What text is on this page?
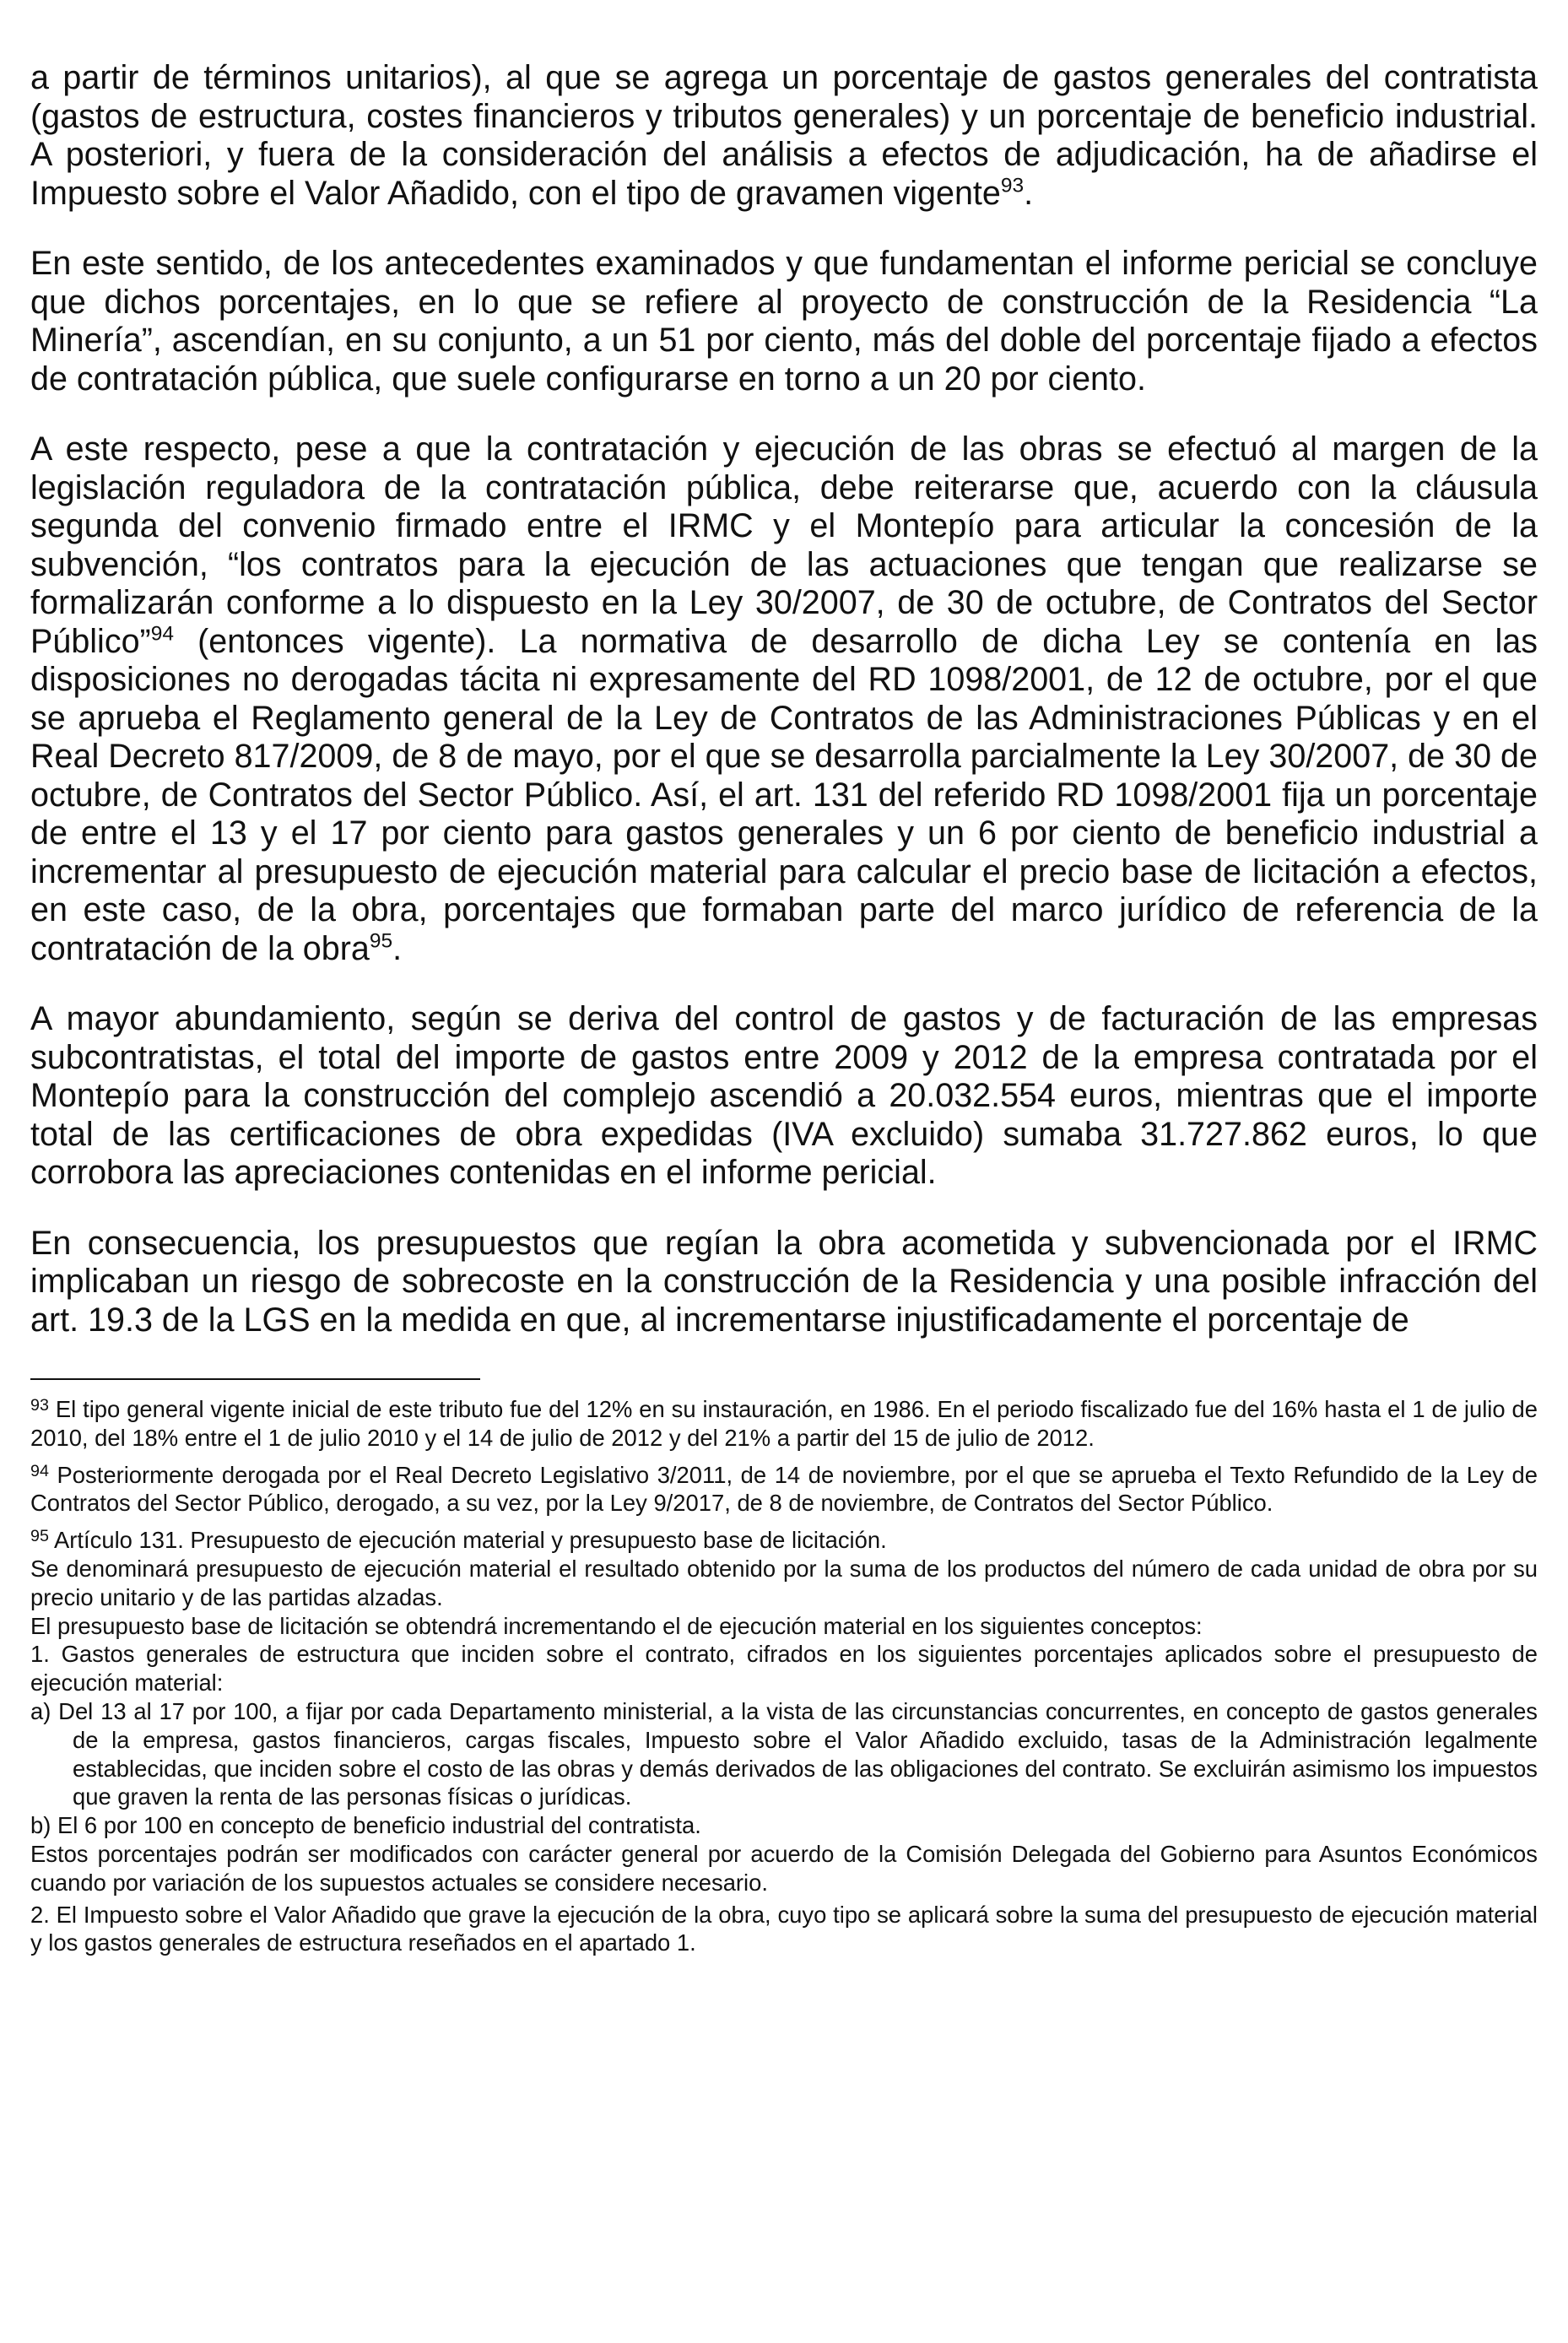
a partir de términos unitarios), al que se agrega un porcentaje de gastos generales del contratista (gastos de estructura, costes financieros y tributos generales) y un porcentaje de beneficio industrial. A posteriori, y fuera de la consideración del análisis a efectos de adjudicación, ha de añadirse el Impuesto sobre el Valor Añadido, con el tipo de gravamen vigente$^{93}$.

En este sentido, de los antecedentes examinados y que fundamentan el informe pericial se concluye que dichos porcentajes, en lo que se refiere al proyecto de construcción de la Residencia “La Minería”, ascendían, en su conjunto, a un 51 por ciento, más del doble del porcentaje fijado a efectos de contratación pública, que suele configurarse en torno a un 20 por ciento.

A este respecto, pese a que la contratación y ejecución de las obras se efectuó al margen de la legislación reguladora de la contratación pública, debe reiterarse que, acuerdo con la cláusula segunda del convenio firmado entre el IRMC y el Montepío para articular la concesión de la subvención, “los contratos para la ejecución de las actuaciones que tengan que realizarse se formalizarán conforme a lo dispuesto en la Ley 30/2007, de 30 de octubre, de Contratos del Sector Público”$^{94}$ (entonces vigente). La normativa de desarrollo de dicha Ley se contenía en las disposiciones no derogadas tácita ni expresamente del RD 1098/2001, de 12 de octubre, por el que se aprueba el Reglamento general de la Ley de Contratos de las Administraciones Públicas y en el Real Decreto 817/2009, de 8 de mayo, por el que se desarrolla parcialmente la Ley 30/2007, de 30 de octubre, de Contratos del Sector Público. Así, el art. 131 del referido RD 1098/2001 fija un porcentaje de entre el 13 y el 17 por ciento para gastos generales y un 6 por ciento de beneficio industrial a incrementar al presupuesto de ejecución material para calcular el precio base de licitación a efectos, en este caso, de la obra, porcentajes que formaban parte del marco jurídico de referencia de la contratación de la obra$^{95}$.

A mayor abundamiento, según se deriva del control de gastos y de facturación de las empresas subcontratistas, el total del importe de gastos entre 2009 y 2012 de la empresa contratada por el Montepío para la construcción del complejo ascendió a 20.032.554 euros, mientras que el importe total de las certificaciones de obra expedidas (IVA excluido) sumaba 31.727.862 euros, lo que corrobora las apreciaciones contenidas en el informe pericial.

En consecuencia, los presupuestos que regían la obra acometida y subvencionada por el IRMC implicaban un riesgo de sobrecoste en la construcción de la Residencia y una posible infracción del art. 19.3 de la LGS en la medida en que, al incrementarse injustificadamente el porcentaje de

$^{93}$ El tipo general vigente inicial de este tributo fue del 12% en su instauración, en 1986. En el periodo fiscalizado fue del 16% hasta el 1 de julio de 2010, del 18% entre el 1 de julio 2010 y el 14 de julio de 2012 y del 21% a partir del 15 de julio de 2012.

$^{94}$ Posteriormente derogada por el Real Decreto Legislativo 3/2011, de 14 de noviembre, por el que se aprueba el Texto Refundido de la Ley de Contratos del Sector Público, derogado, a su vez, por la Ley 9/2017, de 8 de noviembre, de Contratos del Sector Público.

$^{95}$ Artículo 131. Presupuesto de ejecución material y presupuesto base de licitación.

Se denominará presupuesto de ejecución material el resultado obtenido por la suma de los productos del número de cada unidad de obra por su precio unitario y de las partidas alzadas.

El presupuesto base de licitación se obtendrá incrementando el de ejecución material en los siguientes conceptos:

1. Gastos generales de estructura que inciden sobre el contrato, cifrados en los siguientes porcentajes aplicados sobre el presupuesto de ejecución material:

a) Del 13 al 17 por 100, a fijar por cada Departamento ministerial, a la vista de las circunstancias concurrentes, en concepto de gastos generales de la empresa, gastos financieros, cargas fiscales, Impuesto sobre el Valor Añadido excluido, tasas de la Administración legalmente establecidas, que inciden sobre el costo de las obras y demás derivados de las obligaciones del contrato. Se excluirán asimismo los impuestos que graven la renta de las personas físicas o jurídicas.

b) El 6 por 100 en concepto de beneficio industrial del contratista.

Estos porcentajes podrán ser modificados con carácter general por acuerdo de la Comisión Delegada del Gobierno para Asuntos Económicos cuando por variación de los supuestos actuales se considere necesario.

2. El Impuesto sobre el Valor Añadido que grave la ejecución de la obra, cuyo tipo se aplicará sobre la suma del presupuesto de ejecución material y los gastos generales de estructura reseñados en el apartado 1.
